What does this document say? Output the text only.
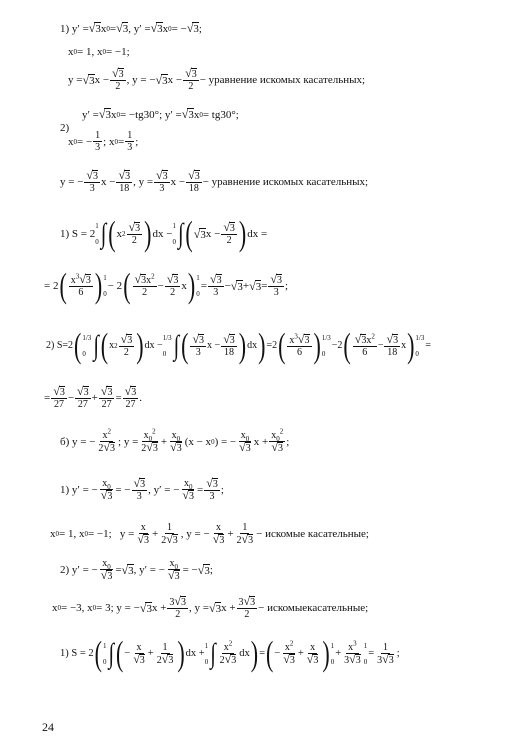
1) y′ = √ 3 x 0 = √ 3 , y′ = √ 3 x 0 = − √ 3 ;
x 0 = 1, x 0 = −1;
y = √ 3 x − √ $\frac{3}{2}$ , y = − √ 3 x − √ $\frac{3}{2}$ − уравнение искомых касательных;
y′ = √ 3 x 0 = −tg30°; y′ = √ 3 x 0 = tg30°;
2)
x 0 = − $\frac{1}{3}$ ; x $0 = \frac{1}{3}$ ;
y = − √ $\frac{3}{3}$ x − √ $\frac{3}{18}$ , y = √ $\frac{3}{3}$ x − √ $\frac{3}{18}$ − уравнение искомых касательных;
1) S = 2
1

0 ∫ ( x 2 √ $\frac{3}{2}$ ) dx −
1

0 ∫ ( √ 3 x − √ $\frac{3}{2}$ ) dx =
= 2 ( $\frac{x^3 √ 3}{6}$ ) 1

0
− 2 ( √ $\frac{3x^2}{2}$ − √ $\frac{3}{2}$ x ) 1

0
= √ $\frac{3}{3}$ − √ 3 + √ 3 = √ $\frac{3}{3}$ ;
2) S=2 ( 1/3

0 ∫ ( x 2 √ $\frac{3}{2}$ ) dx −
1/3

0 ∫ ( √ $\frac{3}{3}$ x − √ $\frac{3}{18}$ ) dx ) =2 ( $\frac{x^3 √ 3}{6}$ ) 1/3

0
−2 ( √ $\frac{3x^2}{6}$ − √ $\frac{3}{18}$ x ) 1/3

0
=
= √ $\frac{3}{27}$ − √ $\frac{3}{27}$ + √ $\frac{3}{27}$ = √ $\frac{3}{27}$ .
б) y = − $\frac{x^2}{2 √ 3}$ ; $y = \frac{x_0^2}{2 √ 3} + x_0$
√ 3 (x − x 0 ) = − $x_0$
√ 3 $x + x_0^2$
√ 3 ;
1) y′ = − $x_0$
√ 3 = − √ $\frac{3}{3}$ , y′ = − $x_0$
√ 3 = √ $\frac{3}{3}$ ;
x 0 = 1, x 0 = −1;   y = x
√ $3 + \frac{1}{2 √ 3}$ , y = − x
√ $3 + \frac{1}{2 √ 3}$ − искомые касательные;
2) y′ = − $x_0$
√ 3 = √ 3 , y′ = − $x_0$
√ 3 = − √ 3 ;
x 0 = −3, x 0 = 3; y = − √ 3 $x + \frac{3 √ 3}{2}$ , y = √ 3 $x + \frac{3 √ 3}{2}$ − искомыекасательные;
1) S = 2 ( 1

0 ∫ ( − x
√ $3 + \frac{1}{2 √ 3}$ ) dx +
1

0 ∫ $\frac{x^2}{2 √ 3}$ dx ) = ( − $x^2$
√ 3 + x
√ 3 ) 1

0
+ $\frac{x^3}{3 √ 3} 1$

0
= $\frac{1}{3 √ 3}$ ;
24
